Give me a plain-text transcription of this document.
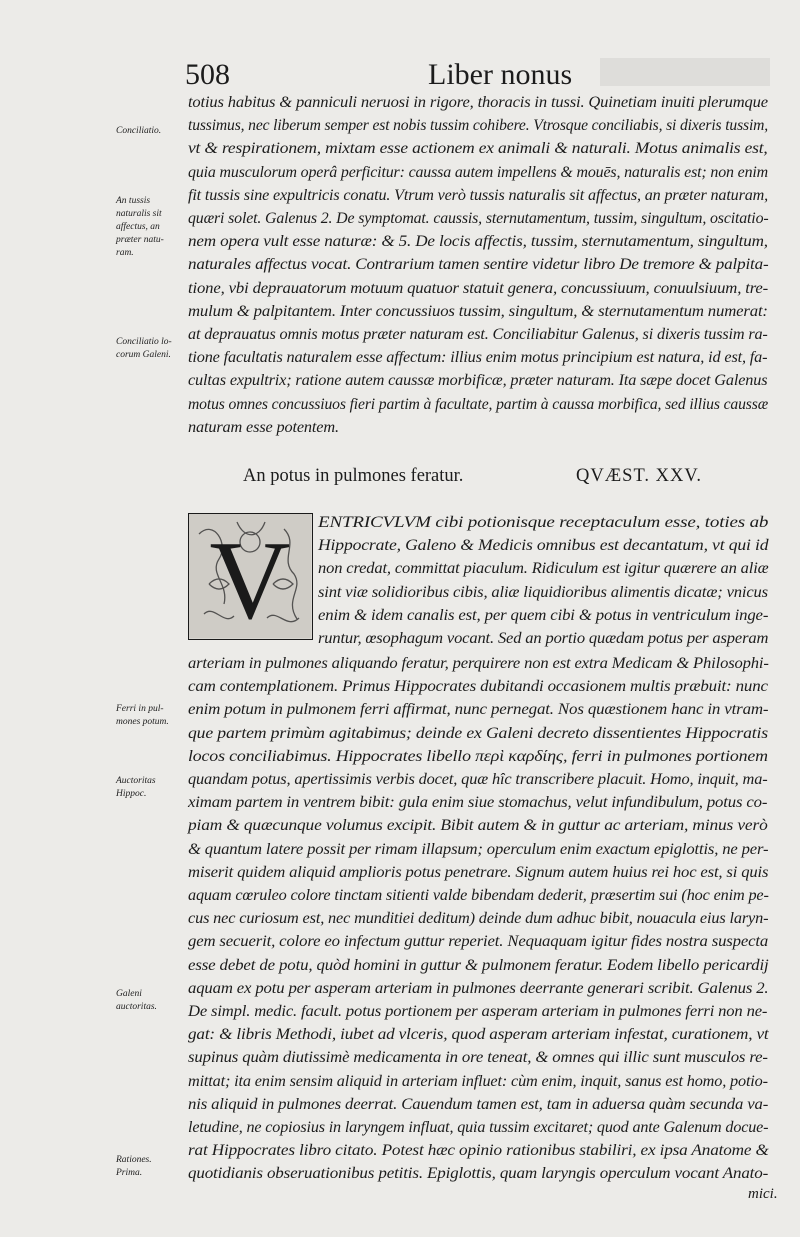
508	Liber nonus
Conciliatio.
An tussis
naturalis sit
affectus, an
præter natu-
ram.
Conciliatio lo-
corum Galeni.
totius habitus & panniculi neruosi in rigore, thoracis in tussi. Quinetiam inuiti plerumque
tussimus, nec liberum semper est nobis tussim cohibere. Vtrosque conciliabis, si dixeris tussim,
vt & respirationem, mixtam esse actionem ex animali & naturali. Motus animalis est,
quia musculorum operâ perficitur: caussa autem impellens & mouēs, naturalis est; non enim
fit tussis sine expultricis conatu. Vtrum verò tussis naturalis sit affectus, an præter naturam,
quæri solet. Galenus 2. De symptomat. caussis, sternutamentum, tussim, singultum, oscitatio-
nem opera vult esse naturæ: & 5. De locis affectis, tussim, sternutamentum, singultum,
naturales affectus vocat. Contrarium tamen sentire videtur libro De tremore & palpita-
tione, vbi deprauatorum motuum quatuor statuit genera, concussiuum, conuulsiuum, tre-
mulum & palpitantem. Inter concussiuos tussim, singultum, & sternutamentum numerat:
at deprauatus omnis motus præter naturam est. Conciliabitur Galenus, si dixeris tussim ra-
tione facultatis naturalem esse affectum: illius enim motus principium est natura, id est, fa-
cultas expultrix; ratione autem caussæ morbificæ, præter naturam. Ita sæpe docet Galenus
motus omnes concussiuos fieri partim à facultate, partim à caussa morbifica, sed illius caussæ
naturam esse potentem.
An potus in pulmones feratur.	QVÆST. XXV.
V ENTRICVLVM cibi potionisque receptaculum esse, toties ab
Hippocrate, Galeno & Medicis omnibus est decantatum, vt qui id
non credat, committat piaculum. Ridiculum est igitur quærere an aliæ
sint viæ solidioribus cibis, aliæ liquidioribus alimentis dicatæ; vnicus
enim & idem canalis est, per quem cibi & potus in ventriculum inge-
runtur, œsophagum vocant. Sed an portio quædam potus per asperam
Ferri in pul-
mones potum.
Auctoritas
Hippoc.
Galeni
auctoritas.
Rationes.
Prima.
arteriam in pulmones aliquando feratur, perquirere non est extra Medicam & Philosophi-
cam contemplationem. Primus Hippocrates dubitandi occasionem multis præbuit: nunc
enim potum in pulmonem ferri affirmat, nunc pernegat. Nos quæstionem hanc in vtram-
que partem primùm agitabimus; deinde ex Galeni decreto dissentientes Hippocratis
locos conciliabimus. Hippocrates libello περὶ καρδίης, ferri in pulmones portionem
quandam potus, apertissimis verbis docet, quæ hîc transcribere placuit. Homo, inquit, ma-
ximam partem in ventrem bibit: gula enim siue stomachus, velut infundibulum, potus co-
piam & quæcunque volumus excipit. Bibit autem & in guttur ac arteriam, minus verò
& quantum latere possit per rimam illapsum; operculum enim exactum epiglottis, ne per-
miserit quidem aliquid amplioris potus penetrare. Signum autem huius rei hoc est, si quis
aquam cœruleo colore tinctam sitienti valde bibendam dederit, præsertim sui (hoc enim pe-
cus nec curiosum est, nec munditiei deditum) deinde dum adhuc bibit, nouacula eius laryn-
gem secuerit, colore eo infectum guttur reperiet. Nequaquam igitur fides nostra suspecta
esse debet de potu, quòd homini in guttur & pulmonem feratur. Eodem libello pericardij
aquam ex potu per asperam arteriam in pulmones deerrante generari scribit. Galenus 2.
De simpl. medic. facult. potus portionem per asperam arteriam in pulmones ferri non ne-
gat: & libris Methodi, iubet ad vlceris, quod asperam arteriam infestat, curationem, vt
supinus quàm diutissimè medicamenta in ore teneat, & omnes qui illic sunt musculos re-
mittat; ita enim sensim aliquid in arteriam influet: cùm enim, inquit, sanus est homo, potio-
nis aliquid in pulmones deerrat. Cauendum tamen est, tam in aduersa quàm secunda va-
letudine, ne copiosius in laryngem influat, quia tussim excitaret; quod ante Galenum docue-
rat Hippocrates libro citato. Potest hæc opinio rationibus stabiliri, ex ipsa Anatome &
quotidianis obseruationibus petitis. Epiglottis, quam laryngis operculum vocant Anato-
mici.
